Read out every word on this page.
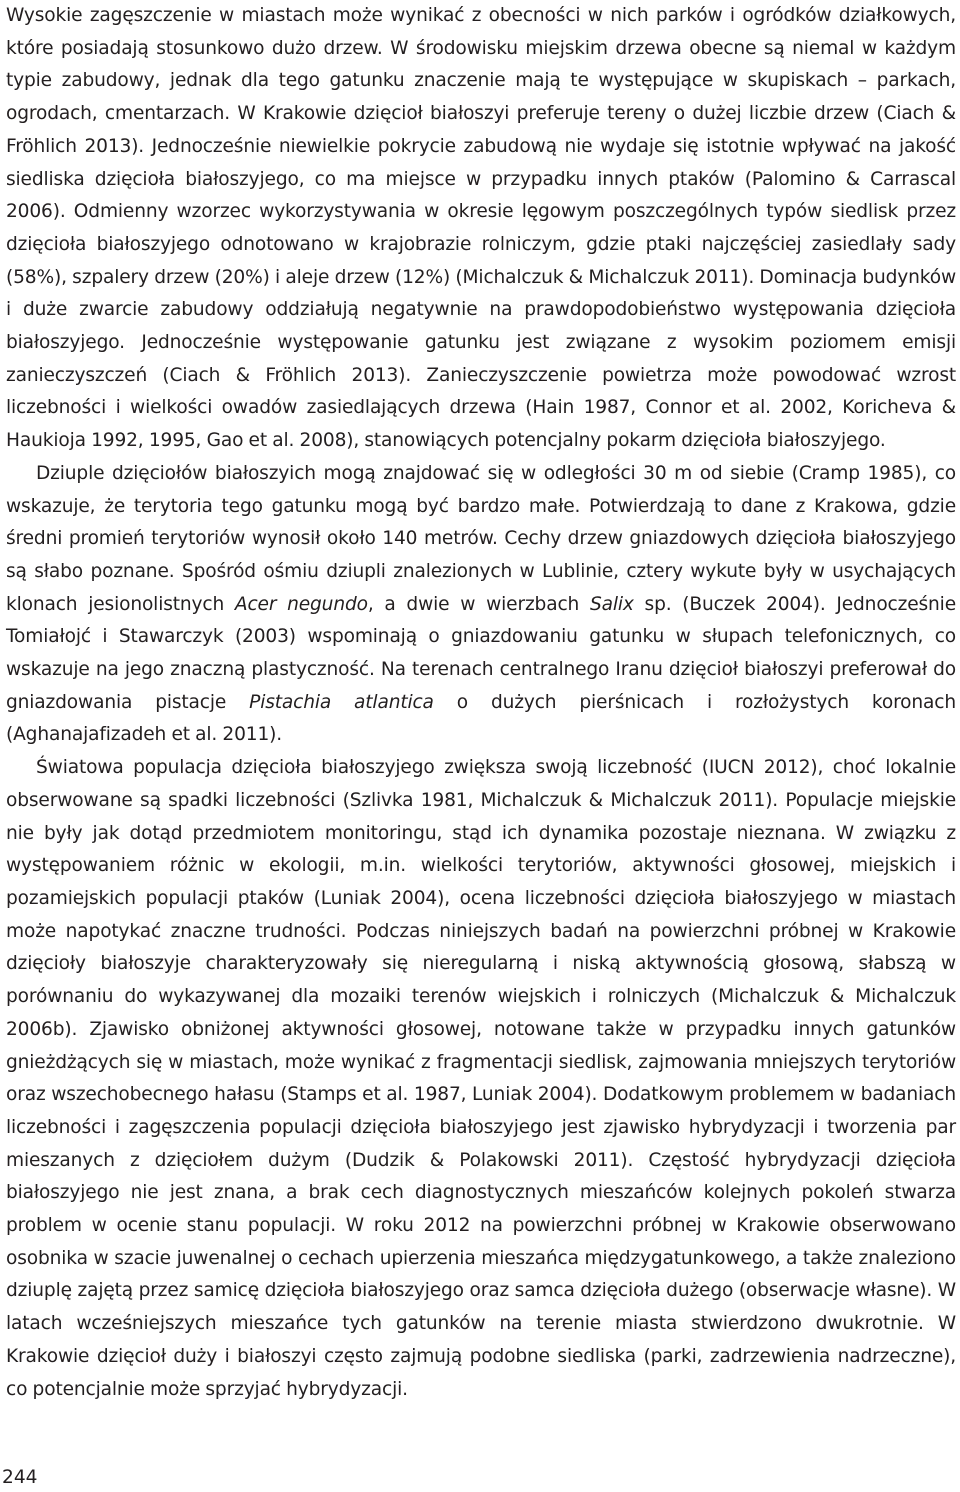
Wysokie zagęszczenie w miastach może wynikać z obecności w nich parków i ogródków działkowych, które posiadają stosunkowo dużo drzew. W środowisku miejskim drzewa obecne są niemal w każdym typie zabudowy, jednak dla tego gatunku znaczenie mają te występujące w skupiskach – parkach, ogrodach, cmentarzach. W Krakowie dzięcioł białoszyi preferuje tereny o dużej liczbie drzew (Ciach & Fröhlich 2013). Jednocześnie niewielkie pokrycie zabudową nie wydaje się istotnie wpływać na jakość siedliska dzięcioła białoszyjego, co ma miejsce w przypadku innych ptaków (Palomino & Carrascal 2006). Odmienny wzorzec wykorzystywania w okresie lęgowym poszczególnych typów siedlisk przez dzięcioła białoszyjego odnotowano w krajobrazie rolniczym, gdzie ptaki najczęściej zasiedlały sady (58%), szpalery drzew (20%) i aleje drzew (12%) (Michalczuk & Michalczuk 2011). Dominacja budynków i duże zwarcie zabudowy oddziałują negatywnie na prawdopodobieństwo występowania dzięcioła białoszyjego. Jednocześnie występowanie gatunku jest związane z wysokim poziomem emisji zanieczyszczeń (Ciach & Fröhlich 2013). Zanieczyszczenie powietrza może powodować wzrost liczebności i wielkości owadów zasiedlających drzewa (Hain 1987, Connor et al. 2002, Koricheva & Haukioja 1992, 1995, Gao et al. 2008), stanowiących potencjalny pokarm dzięcioła białoszyjego.

Dziuple dzięciołów białoszyich mogą znajdować się w odległości 30 m od siebie (Cramp 1985), co wskazuje, że terytoria tego gatunku mogą być bardzo małe. Potwierdzają to dane z Krakowa, gdzie średni promień terytoriów wynosił około 140 metrów. Cechy drzew gniazdowych dzięcioła białoszyjego są słabo poznane. Spośród ośmiu dziupli znalezionych w Lublinie, cztery wykute były w usychających klonach jesionolistnych Acer negundo, a dwie w wierzbach Salix sp. (Buczek 2004). Jednocześnie Tomiałojć i Stawarczyk (2003) wspominają o gniazdowaniu gatunku w słupach telefonicznych, co wskazuje na jego znaczną plastyczność. Na terenach centralnego Iranu dzięcioł białoszyi preferował do gniazdowania pistacje Pistachia atlantica o dużych pierśnicach i rozłożystych koronach (Aghanajafizadeh et al. 2011).

Światowa populacja dzięcioła białoszyjego zwiększa swoją liczebność (IUCN 2012), choć lokalnie obserwowane są spadki liczebności (Szlivka 1981, Michalczuk & Michalczuk 2011). Populacje miejskie nie były jak dotąd przedmiotem monitoringu, stąd ich dynamika pozostaje nieznana. W związku z występowaniem różnic w ekologii, m.in. wielkości terytoriów, aktywności głosowej, miejskich i pozamiejskich populacji ptaków (Luniak 2004), ocena liczebności dzięcioła białoszyjego w miastach może napotykać znaczne trudności. Podczas niniejszych badań na powierzchni próbnej w Krakowie dzięcioły białoszyje charakteryzowały się nieregularną i niską aktywnością głosową, słabszą w porównaniu do wykazywanej dla mozaiki terenów wiejskich i rolniczych (Michalczuk & Michalczuk 2006b). Zjawisko obniżonej aktywności głosowej, notowane także w przypadku innych gatunków gnieżdżących się w miastach, może wynikać z fragmentacji siedlisk, zajmowania mniejszych terytoriów oraz wszechobecnego hałasu (Stamps et al. 1987, Luniak 2004). Dodatkowym problemem w badaniach liczebności i zagęszczenia populacji dzięcioła białoszyjego jest zjawisko hybrydyzacji i tworzenia par mieszanych z dzięciołem dużym (Dudzik & Polakowski 2011). Częstość hybrydyzacji dzięcioła białoszyjego nie jest znana, a brak cech diagnostycznych mieszańców kolejnych pokoleń stwarza problem w ocenie stanu populacji. W roku 2012 na powierzchni próbnej w Krakowie obserwowano osobnika w szacie juwenalnej o cechach upierzenia mieszańca międzygatunkowego, a także znaleziono dziuplę zajętą przez samicę dzięcioła białoszyjego oraz samca dzięcioła dużego (obserwacje własne). W latach wcześniejszych mieszańce tych gatunków na terenie miasta stwierdzono dwukrotnie. W Krakowie dzięcioł duży i białoszyi często zajmują podobne siedliska (parki, zadrzewienia nadrzeczne), co potencjalnie może sprzyjać hybrydyzacji.

244
